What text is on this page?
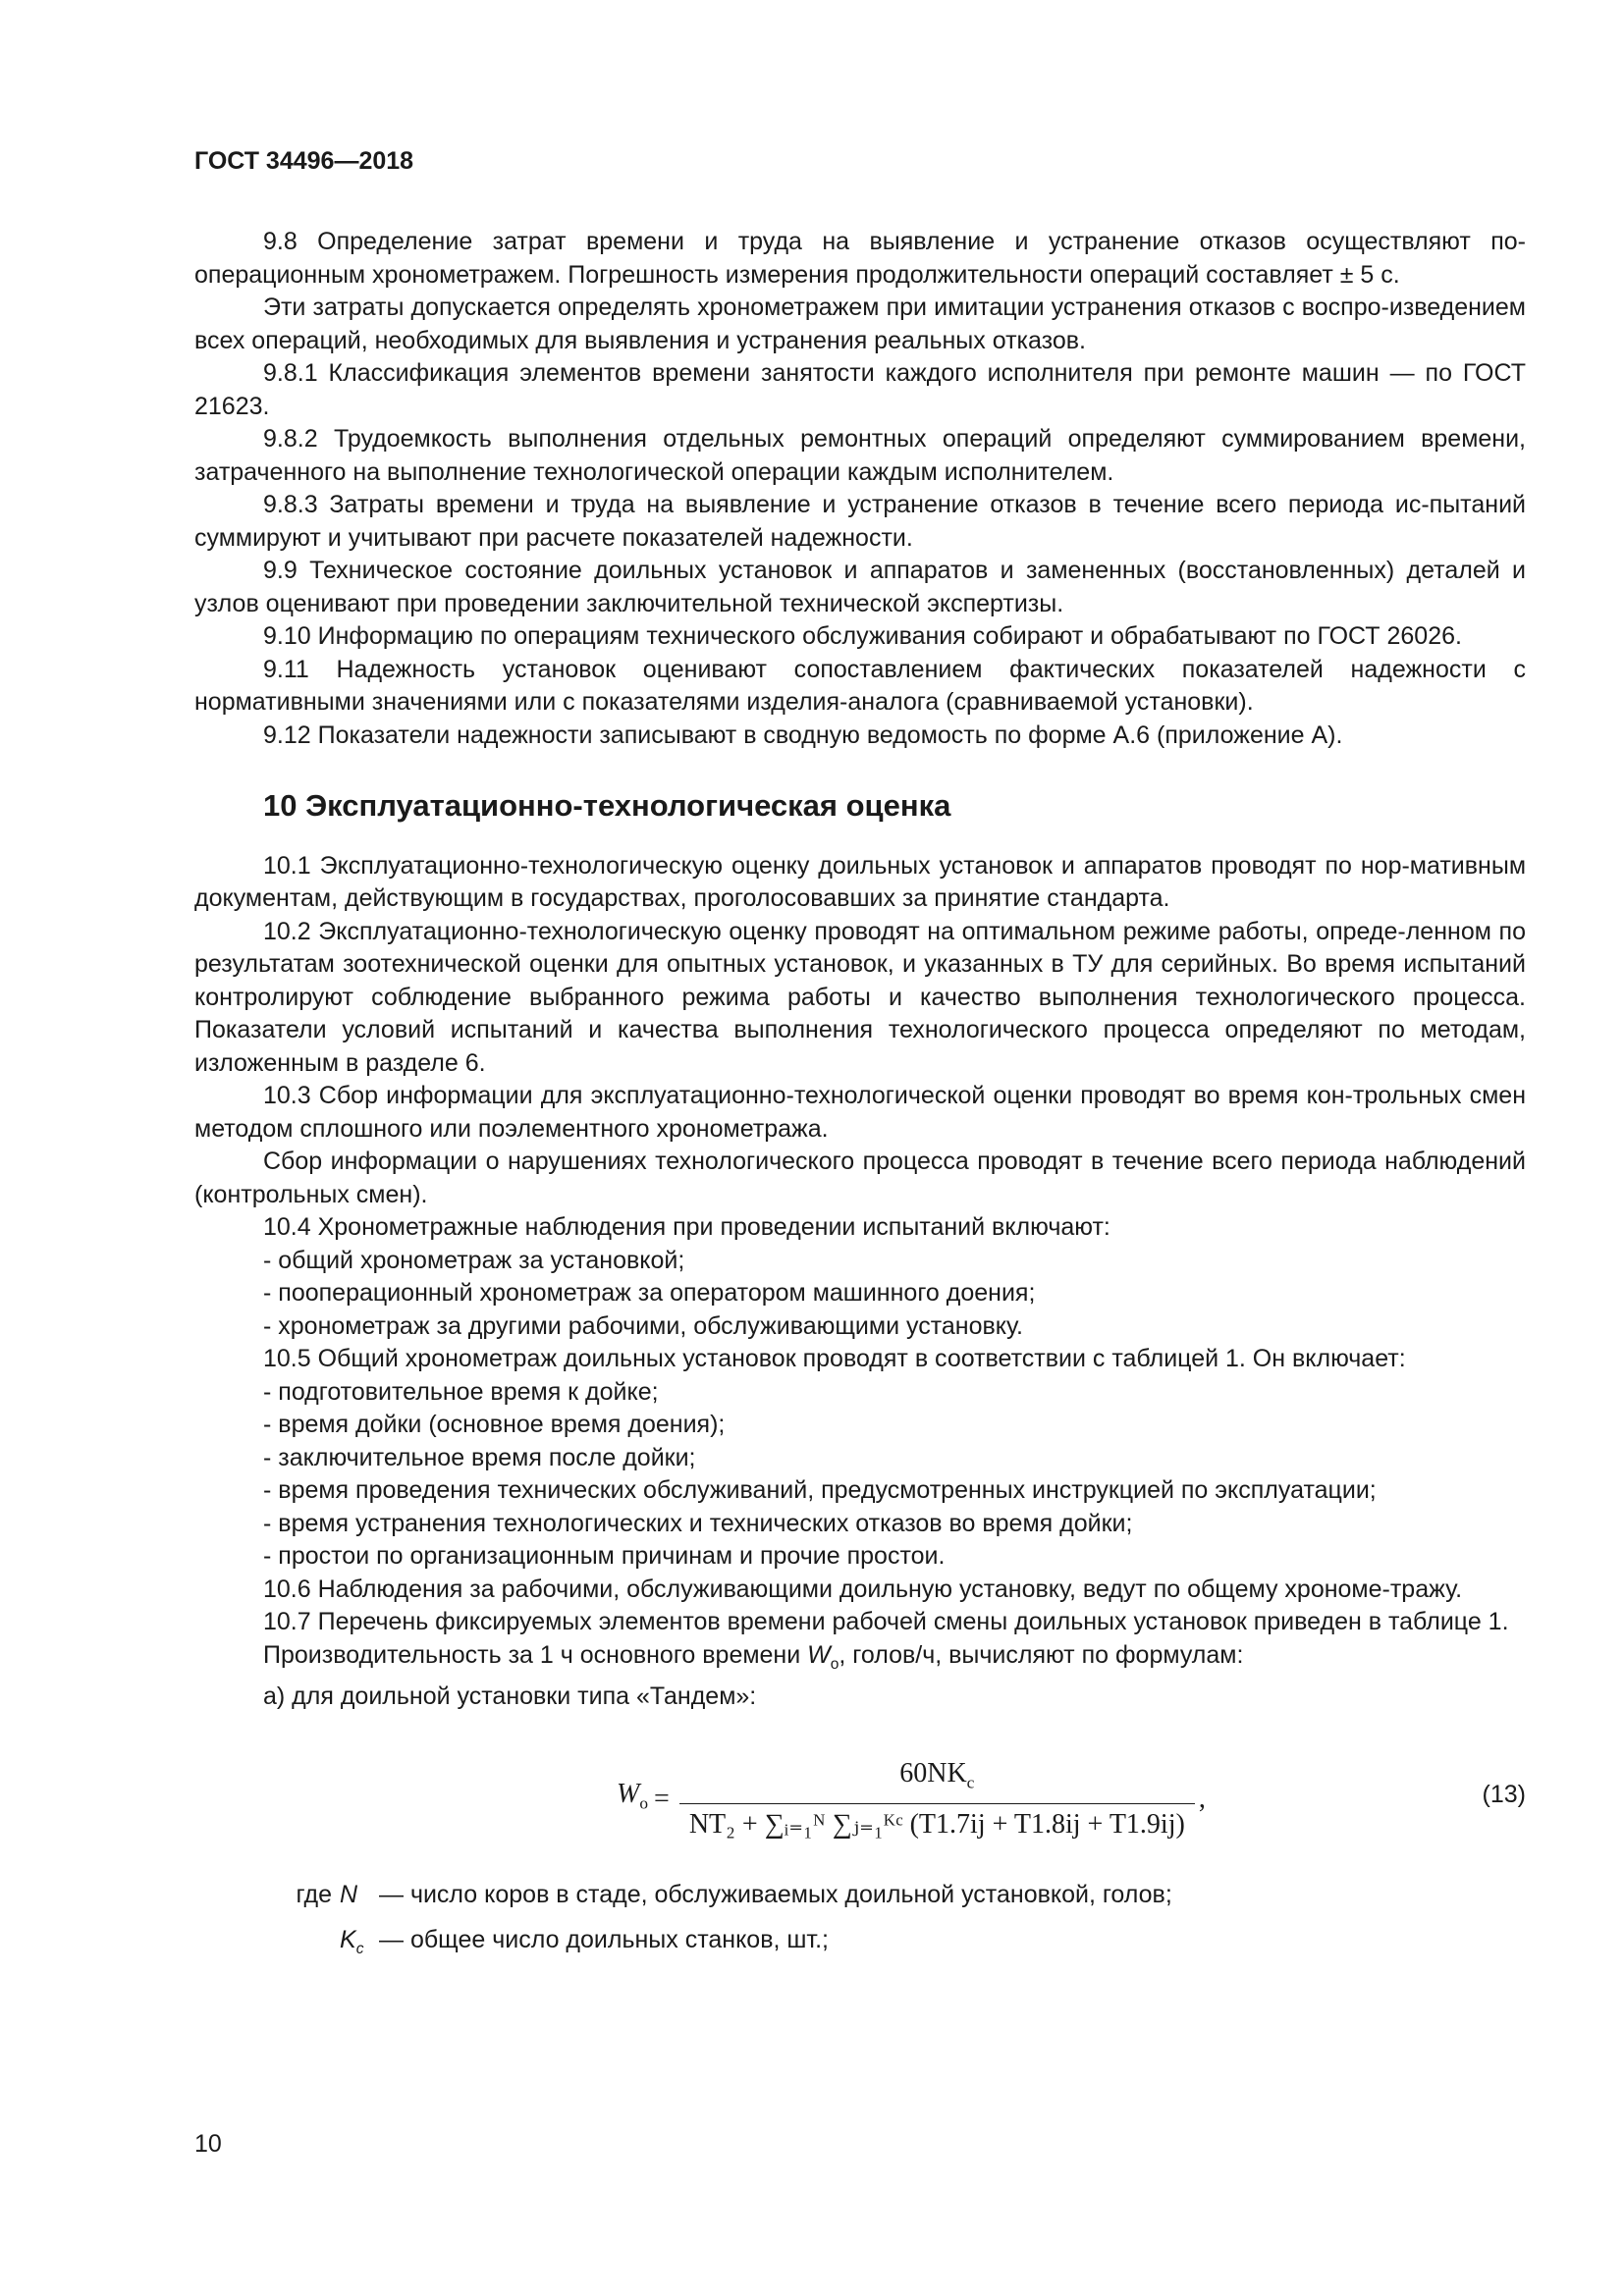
ГОСТ 34496—2018

9.8 Определение затрат времени и труда на выявление и устранение отказов осуществляют по-операционным хронометражем. Погрешность измерения продолжительности операций составляет ± 5 с.

Эти затраты допускается определять хронометражем при имитации устранения отказов с воспро-изведением всех операций, необходимых для выявления и устранения реальных отказов.

9.8.1 Классификация элементов времени занятости каждого исполнителя при ремонте машин — по ГОСТ 21623.

9.8.2 Трудоемкость выполнения отдельных ремонтных операций определяют суммированием времени, затраченного на выполнение технологической операции каждым исполнителем.

9.8.3 Затраты времени и труда на выявление и устранение отказов в течение всего периода ис-пытаний суммируют и учитывают при расчете показателей надежности.

9.9 Техническое состояние доильных установок и аппаратов и замененных (восстановленных) деталей и узлов оценивают при проведении заключительной технической экспертизы.

9.10 Информацию по операциям технического обслуживания собирают и обрабатывают по ГОСТ 26026.

9.11 Надежность установок оценивают сопоставлением фактических показателей надежности с нормативными значениями или с показателями изделия-аналога (сравниваемой установки).

9.12 Показатели надежности записывают в сводную ведомость по форме А.6 (приложение А).

10 Эксплуатационно-технологическая оценка

10.1 Эксплуатационно-технологическую оценку доильных установок и аппаратов проводят по нор-мативным документам, действующим в государствах, проголосовавших за принятие стандарта.

10.2 Эксплуатационно-технологическую оценку проводят на оптимальном режиме работы, опреде-ленном по результатам зоотехнической оценки для опытных установок, и указанных в ТУ для серийных. Во время испытаний контролируют соблюдение выбранного режима работы и качество выполнения технологического процесса. Показатели условий испытаний и качества выполнения технологического процесса определяют по методам, изложенным в разделе 6.

10.3 Сбор информации для эксплуатационно-технологической оценки проводят во время кон-трольных смен методом сплошного или поэлементного хронометража.

Сбор информации о нарушениях технологического процесса проводят в течение всего периода наблюдений (контрольных смен).

10.4 Хронометражные наблюдения при проведении испытаний включают:

- общий хронометраж за установкой;
- пооперационный хронометраж за оператором машинного доения;
- хронометраж за другими рабочими, обслуживающими установку.

10.5 Общий хронометраж доильных установок проводят в соответствии с таблицей 1. Он включает:

- подготовительное время к дойке;
- время дойки (основное время доения);
- заключительное время после дойки;
- время проведения технических обслуживаний, предусмотренных инструкцией по эксплуатации;
- время устранения технологических и технических отказов во время дойки;
- простои по организационным причинам и прочие простои.

10.6 Наблюдения за рабочими, обслуживающими доильную установку, ведут по общему хрономе-тражу.

10.7 Перечень фиксируемых элементов времени рабочей смены доильных установок приведен в таблице 1.

Производительность за 1 ч основного времени $W_о$, голов/ч, вычисляют по формулам:

а) для доильной установки типа «Тандем»:

$W_о = \frac{60NK_с}{\text{NT₂ + ∑ᵢ₌₁ᴺ ∑ⱼ₌₁ᴷᶜ (T1.7ij + T1.8ij + T1.9ij)}}$ ,	(13)
где N — число коров в стаде, обслуживаемых доильной установкой, голов;
$K_с$ — общее число доильных станков, шт.;
10
